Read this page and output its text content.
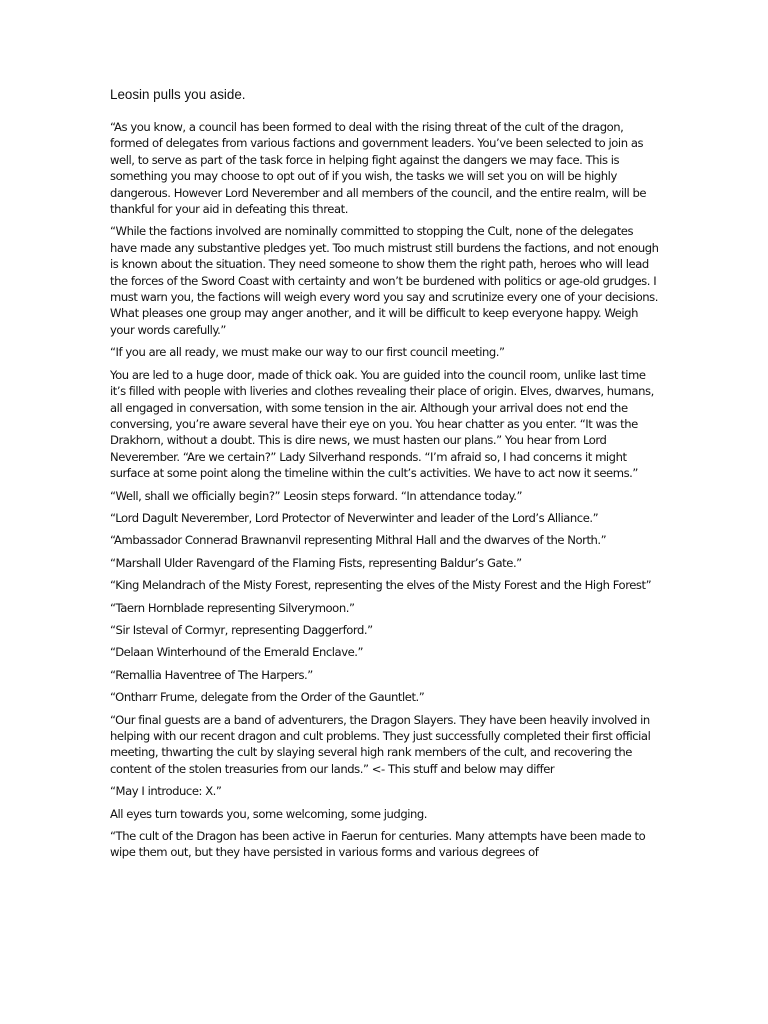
Leosin pulls you aside.

“As you know, a council has been formed to deal with the rising threat of the cult of the dragon, formed of delegates from various factions and government leaders. You’ve been selected to join as well, to serve as part of the task force in helping fight against the dangers we may face. This is something you may choose to opt out of if you wish, the tasks we will set you on will be highly dangerous. However Lord Neverember and all members of the council, and the entire realm, will be thankful for your aid in defeating this threat.

“While the factions involved are nominally committed to stopping the Cult, none of the delegates have made any substantive pledges yet. Too much mistrust still burdens the factions, and not enough is known about the situation. They need someone to show them the right path, heroes who will lead the forces of the Sword Coast with certainty and won’t be burdened with politics or age-old grudges. I must warn you, the factions will weigh every word you say and scrutinize every one of your decisions. What pleases one group may anger another, and it will be difficult to keep everyone happy. Weigh your words carefully.”

“If you are all ready, we must make our way to our first council meeting.”

You are led to a huge door, made of thick oak. You are guided into the council room, unlike last time it’s filled with people with liveries and clothes revealing their place of origin. Elves, dwarves, humans, all engaged in conversation, with some tension in the air. Although your arrival does not end the conversing, you’re aware several have their eye on you. You hear chatter as you enter. “It was the Drakhorn, without a doubt. This is dire news, we must hasten our plans.” You hear from Lord Neverember. “Are we certain?” Lady Silverhand responds. “I’m afraid so, I had concerns it might surface at some point along the timeline within the cult’s activities. We have to act now it seems.”

“Well, shall we officially begin?” Leosin steps forward. “In attendance today.”

“Lord Dagult Neverember, Lord Protector of Neverwinter and leader of the Lord’s Alliance.”

“Ambassador Connerad Brawnanvil representing Mithral Hall and the dwarves of the North.”

“Marshall Ulder Ravengard of the Flaming Fists, representing Baldur’s Gate.”

“King Melandrach of the Misty Forest, representing the elves of the Misty Forest and the High Forest”

“Taern Hornblade representing Silverymoon.”

“Sir Isteval of Cormyr, representing Daggerford.”

“Delaan Winterhound of the Emerald Enclave.”

“Remallia Haventree of The Harpers.”

“Ontharr Frume, delegate from the Order of the Gauntlet.”

“Our final guests are a band of adventurers, the Dragon Slayers. They have been heavily involved in helping with our recent dragon and cult problems. They just successfully completed their first official meeting, thwarting the cult by slaying several high rank members of the cult, and recovering the content of the stolen treasuries from our lands.” <- This stuff and below may differ

“May I introduce: X.”

All eyes turn towards you, some welcoming, some judging.

“The cult of the Dragon has been active in Faerun for centuries. Many attempts have been made to wipe them out, but they have persisted in various forms and various degrees of
